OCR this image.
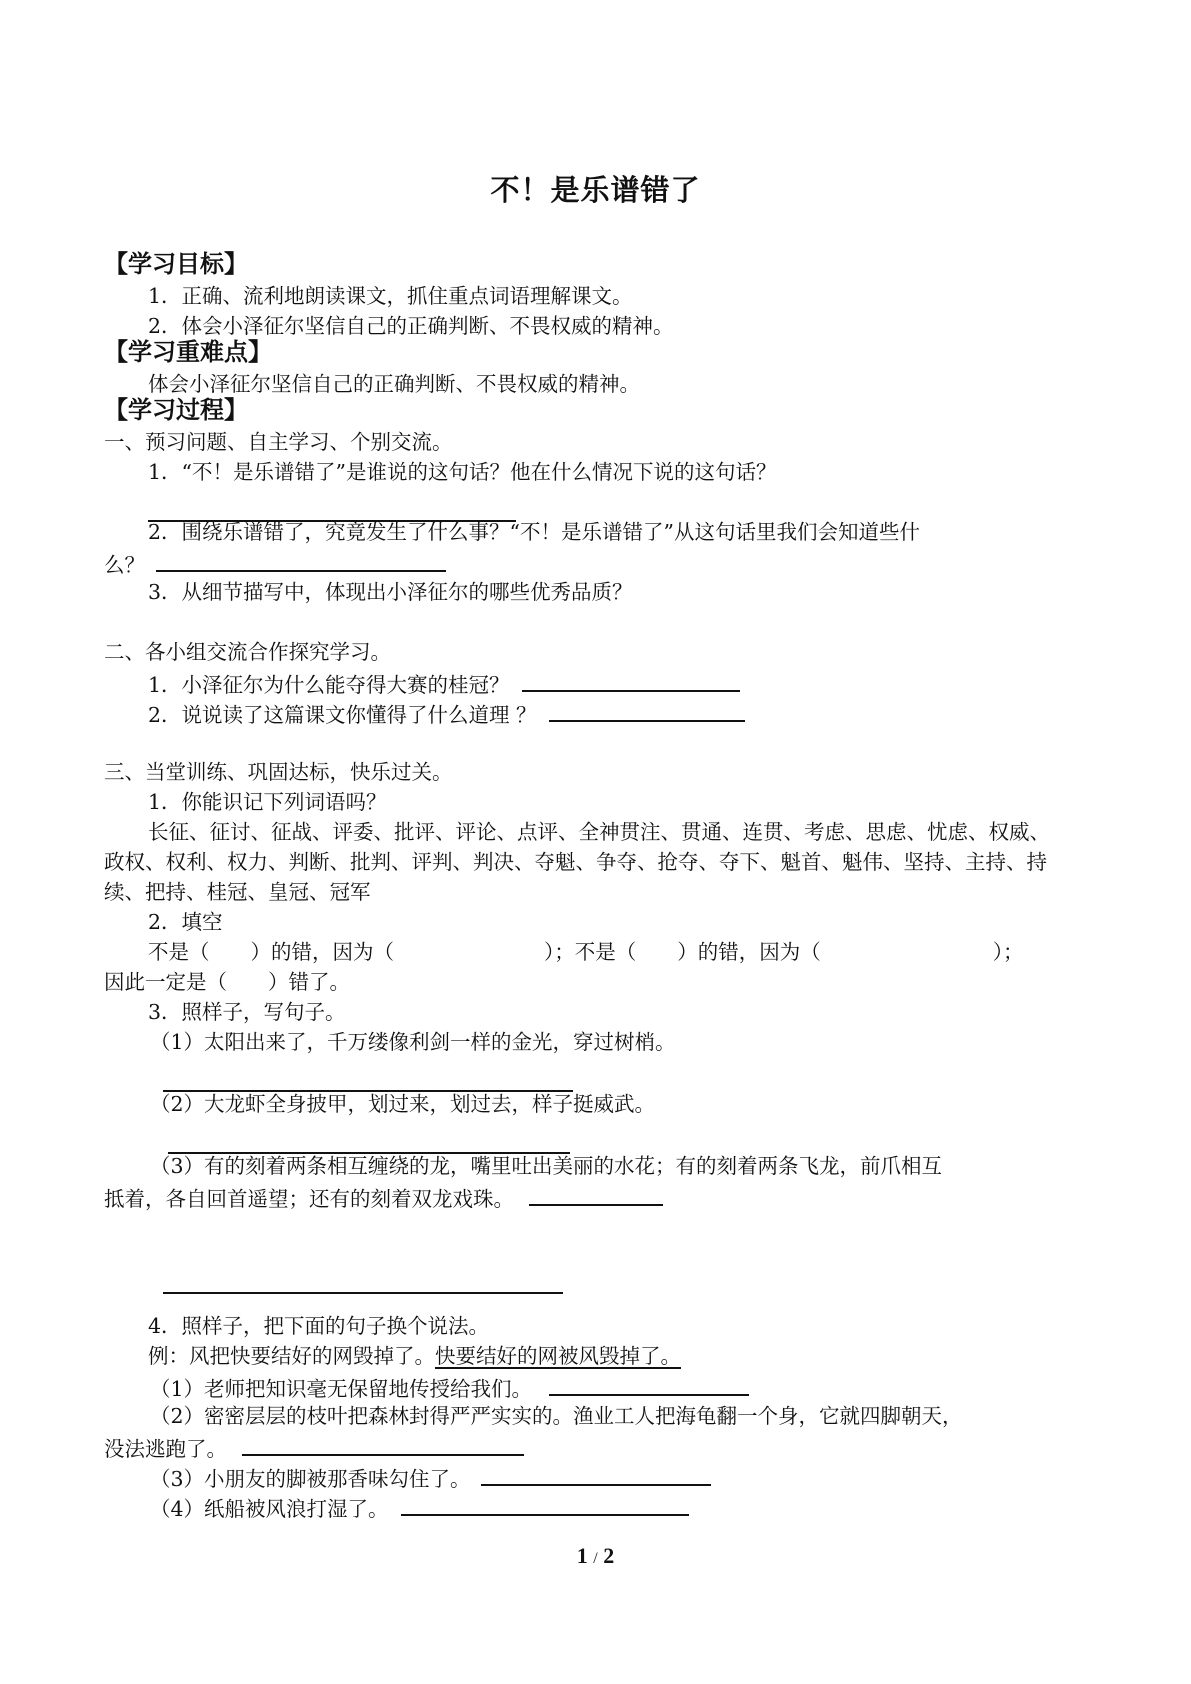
不！是乐谱错了
【学习目标】
1．正确、流利地朗读课文，抓住重点词语理解课文。
2．体会小泽征尔坚信自己的正确判断、不畏权威的精神。
【学习重难点】
体会小泽征尔坚信自己的正确判断、不畏权威的精神。
【学习过程】
一、预习问题、自主学习、个别交流。
1．“不！是乐谱错了”是谁说的这句话？他在什么情况下说的这句话？
2．围绕乐谱错了，究竟发生了什么事？“不！是乐谱错了”从这句话里我们会知道些什
么？
3．从细节描写中，体现出小泽征尔的哪些优秀品质？
二、各小组交流合作探究学习。
1．小泽征尔为什么能夺得大赛的桂冠？
2．说说读了这篇课文你懂得了什么道理 ？
三、当堂训练、巩固达标，快乐过关。
1．你能识记下列词语吗？
长征、征讨、征战、评委、批评、评论、点评、全神贯注、贯通、连贯、考虑、思虑、忧虑、权威、
政权、权利、权力、判断、批判、评判、判决、夺魁、争夺、抢夺、夺下、魁首、魁伟、坚持、主持、持
续、把持、桂冠、皇冠、冠军
2．填空
不是（　　）的错，因为（	）；不是（　　）的错，因为（	）；
因此一定是（　　）错了。
3．照样子，写句子。
（1）太阳出来了，千万缕像利剑一样的金光，穿过树梢。
（2）大龙虾全身披甲，划过来，划过去，样子挺威武。
（3）有的刻着两条相互缠绕的龙，嘴里吐出美丽的水花；有的刻着两条飞龙，前爪相互
抵着，各自回首遥望；还有的刻着双龙戏珠。
4．照样子，把下面的句子换个说法。
例：风把快要结好的网毁掉了。快要结好的网被风毁掉了。
（1）老师把知识毫无保留地传授给我们。
（2）密密层层的枝叶把森林封得严严实实的。渔业工人把海龟翻一个身，它就四脚朝天，
没法逃跑了。
（3）小朋友的脚被那香味勾住了。
（4）纸船被风浪打湿了。
1 / 2
